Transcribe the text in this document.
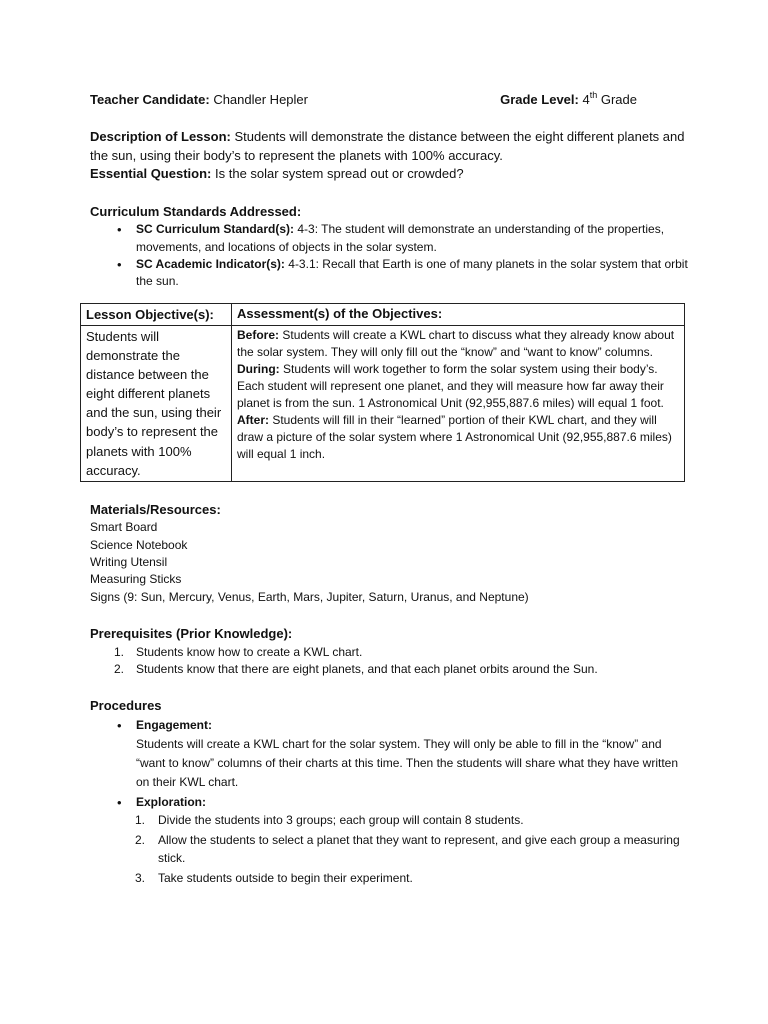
Teacher Candidate: Chandler Hepler	Grade Level: 4th Grade

Description of Lesson: Students will demonstrate the distance between the eight different planets and the sun, using their body’s to represent the planets with 100% accuracy.

Essential Question: Is the solar system spread out or crowded?

Curriculum Standards Addressed:
• SC Curriculum Standard(s): 4-3: The student will demonstrate an understanding of the properties, movements, and locations of objects in the solar system.
• SC Academic Indicator(s): 4-3.1: Recall that Earth is one of many planets in the solar system that orbit the sun.
Lesson Objective(s):	Assessment(s) of the Objectives:
Students will demonstrate the distance between the eight different planets and the sun, using their body’s to represent the planets with 100% accuracy.	Before: Students will create a KWL chart to discuss what they already know about the solar system. They will only fill out the “know” and “want to know” columns.
During: Students will work together to form the solar system using their body’s. Each student will represent one planet, and they will measure how far away their planet is from the sun. 1 Astronomical Unit (92,955,887.6 miles) will equal 1 foot.
After: Students will fill in their “learned” portion of their KWL chart, and they will draw a picture of the solar system where 1 Astronomical Unit (92,955,887.6 miles) will equal 1 inch.
Materials/Resources:
Smart Board
Science Notebook
Writing Utensil
Measuring Sticks
Signs (9: Sun, Mercury, Venus, Earth, Mars, Jupiter, Saturn, Uranus, and Neptune)
Prerequisites (Prior Knowledge):
1. Students know how to create a KWL chart.
2. Students know that there are eight planets, and that each planet orbits around the Sun.
Procedures
• Engagement:
Students will create a KWL chart for the solar system. They will only be able to fill in the “know” and “want to know” columns of their charts at this time. Then the students will share what they have written on their KWL chart.
• Exploration:
1. Divide the students into 3 groups; each group will contain 8 students.
2. Allow the students to select a planet that they want to represent, and give each group a measuring stick.
3. Take students outside to begin their experiment.
